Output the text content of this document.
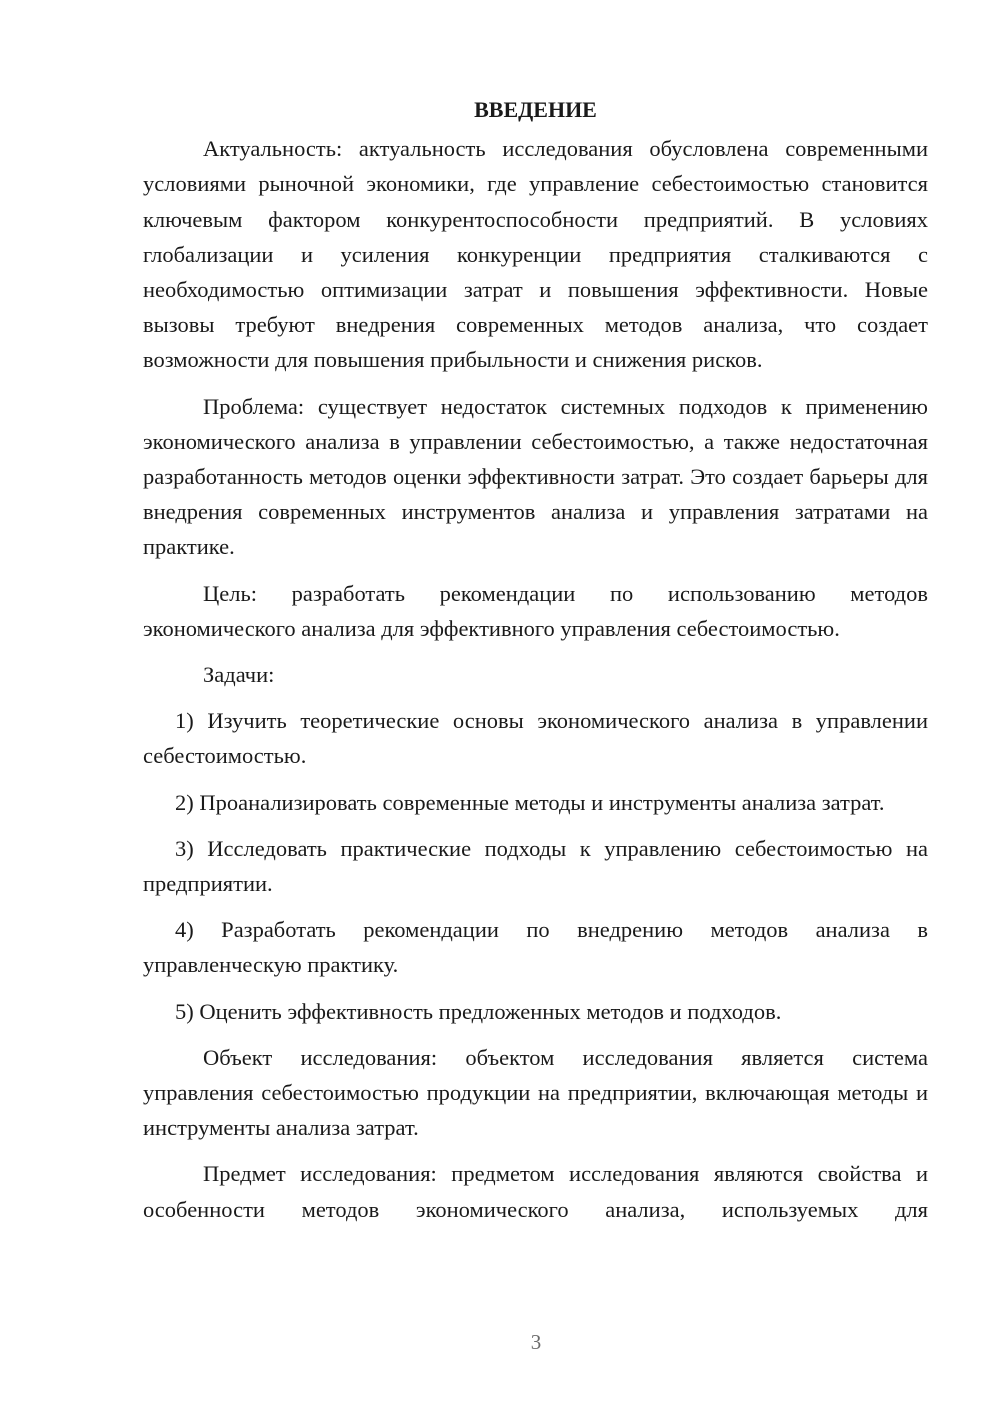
ВВЕДЕНИЕ

Актуальность: актуальность исследования обусловлена современными условиями рыночной экономики, где управление себестоимостью становится ключевым фактором конкурентоспособности предприятий. В условиях глобализации и усиления конкуренции предприятия сталкиваются с необходимостью оптимизации затрат и повышения эффективности. Новые вызовы требуют внедрения современных методов анализа, что создает возможности для повышения прибыльности и снижения рисков.

Проблема: существует недостаток системных подходов к применению экономического анализа в управлении себестоимостью, а также недостаточная разработанность методов оценки эффективности затрат. Это создает барьеры для внедрения современных инструментов анализа и управления затратами на практике.

Цель: разработать рекомендации по использованию методов экономического анализа для эффективного управления себестоимостью.

Задачи:

1) Изучить теоретические основы экономического анализа в управлении себестоимостью.

2) Проанализировать современные методы и инструменты анализа затрат.

3) Исследовать практические подходы к управлению себестоимостью на предприятии.

4) Разработать рекомендации по внедрению методов анализа в управленческую практику.

5) Оценить эффективность предложенных методов и подходов.

Объект исследования: объектом исследования является система управления себестоимостью продукции на предприятии, включающая методы и инструменты анализа затрат.

Предмет исследования: предметом исследования являются свойства и особенности методов экономического анализа, используемых для

3
